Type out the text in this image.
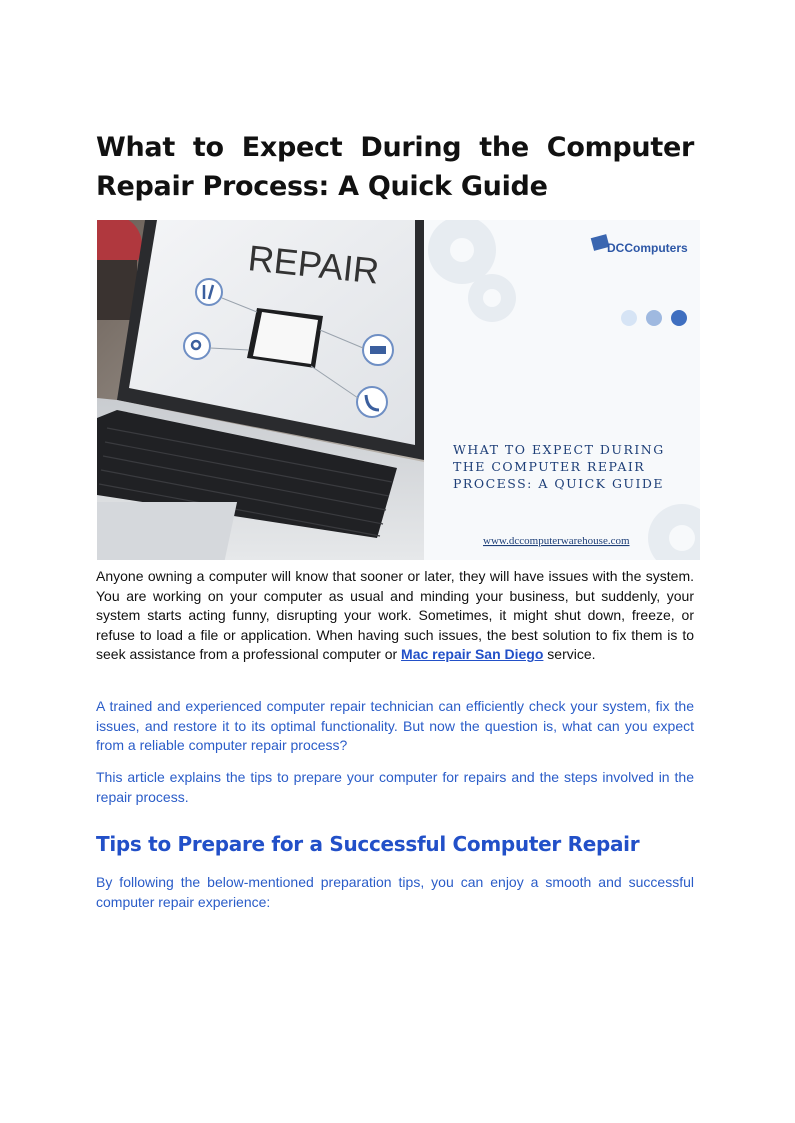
What to Expect During the Computer Repair Process: A Quick Guide
REPAIR	DCComputers
WHAT TO EXPECT DURING
THE COMPUTER REPAIR
PROCESS: A QUICK GUIDE
www.dccomputerwarehouse.com

Anyone owning a computer will know that sooner or later, they will have issues with the system. You are working on your computer as usual and minding your business, but suddenly, your system starts acting funny, disrupting your work. Sometimes, it might shut down, freeze, or refuse to load a file or application. When having such issues, the best solution to fix them is to seek assistance from a professional computer or Mac repair San Diego service.

A trained and experienced computer repair technician can efficiently check your system, fix the issues, and restore it to its optimal functionality. But now the question is, what can you expect from a reliable computer repair process?

This article explains the tips to prepare your computer for repairs and the steps involved in the repair process.

Tips to Prepare for a Successful Computer Repair

By following the below-mentioned preparation tips, you can enjoy a smooth and successful computer repair experience:
